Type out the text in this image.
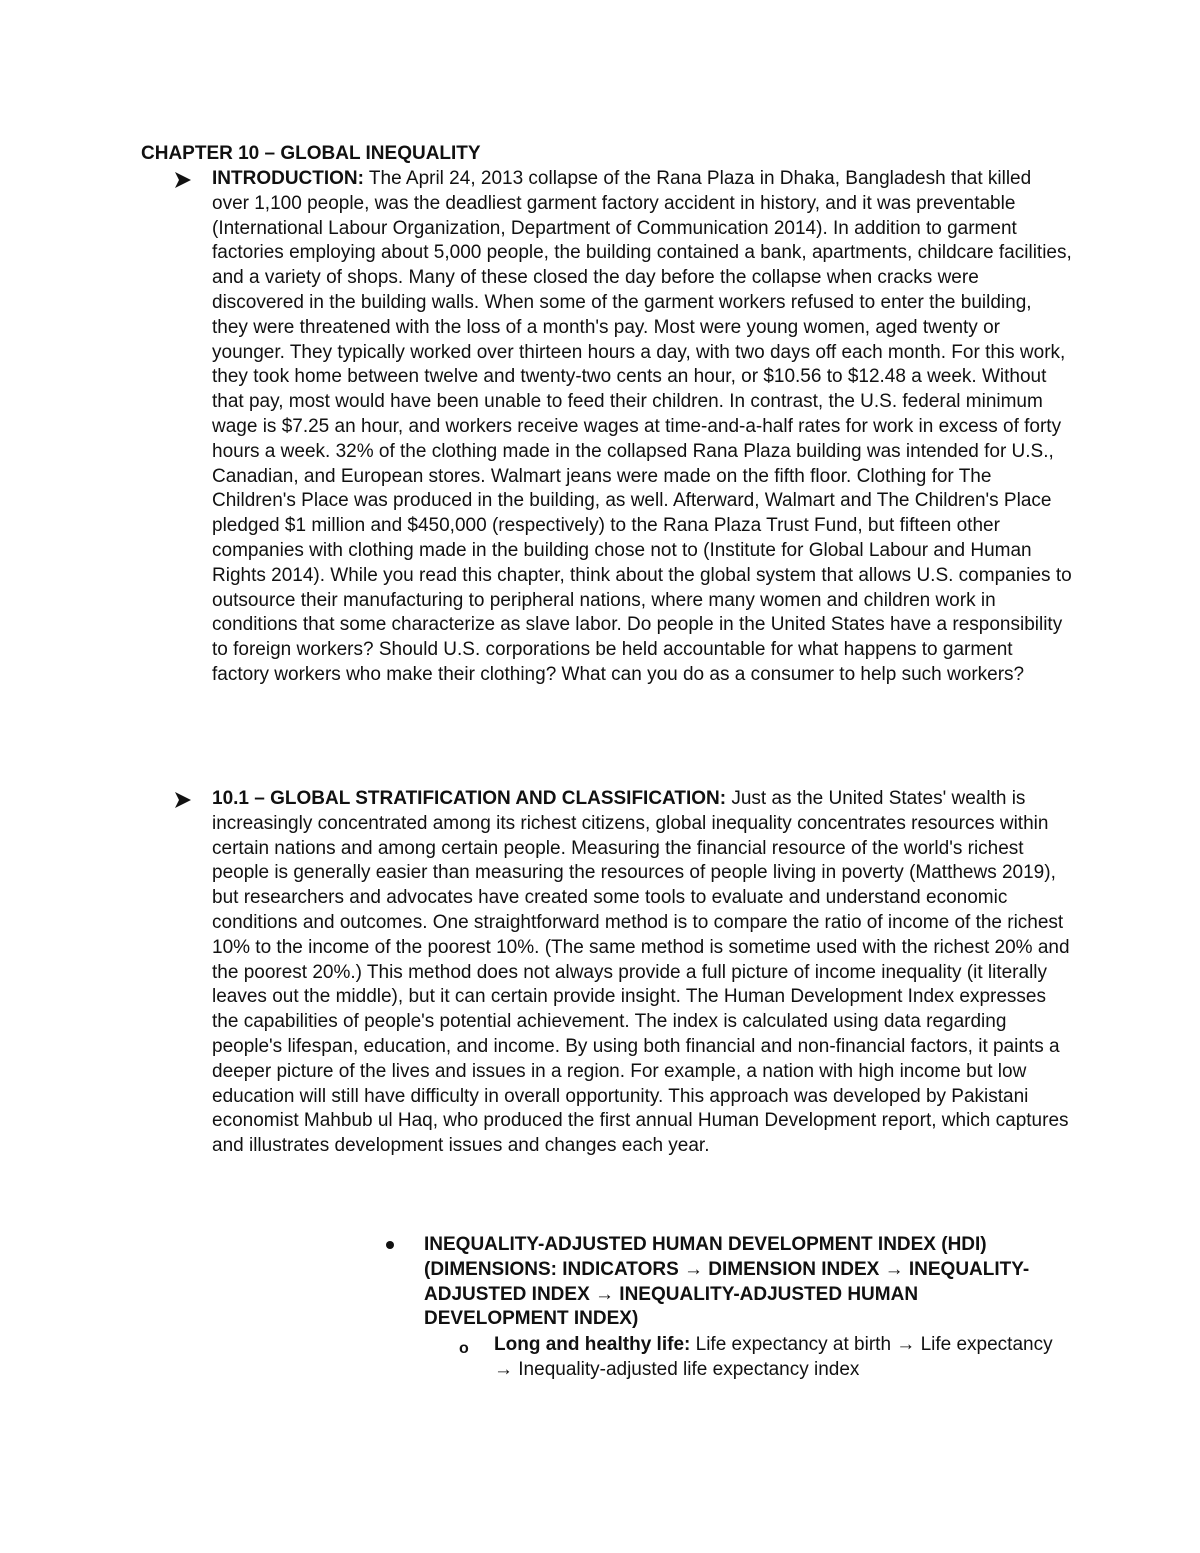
CHAPTER 10 – GLOBAL INEQUALITY
INTRODUCTION: The April 24, 2013 collapse of the Rana Plaza in Dhaka, Bangladesh that killed over 1,100 people, was the deadliest garment factory accident in history, and it was preventable (International Labour Organization, Department of Communication 2014). In addition to garment factories employing about 5,000 people, the building contained a bank, apartments, childcare facilities, and a variety of shops. Many of these closed the day before the collapse when cracks were discovered in the building walls. When some of the garment workers refused to enter the building, they were threatened with the loss of a month's pay. Most were young women, aged twenty or younger. They typically worked over thirteen hours a day, with two days off each month. For this work, they took home between twelve and twenty-two cents an hour, or $10.56 to $12.48 a week. Without that pay, most would have been unable to feed their children. In contrast, the U.S. federal minimum wage is $7.25 an hour, and workers receive wages at time-and-a-half rates for work in excess of forty hours a week. 32% of the clothing made in the collapsed Rana Plaza building was intended for U.S., Canadian, and European stores. Walmart jeans were made on the fifth floor. Clothing for The Children's Place was produced in the building, as well. Afterward, Walmart and The Children's Place pledged $1 million and $450,000 (respectively) to the Rana Plaza Trust Fund, but fifteen other companies with clothing made in the building chose not to (Institute for Global Labour and Human Rights 2014). While you read this chapter, think about the global system that allows U.S. companies to outsource their manufacturing to peripheral nations, where many women and children work in conditions that some characterize as slave labor. Do people in the United States have a responsibility to foreign workers? Should U.S. corporations be held accountable for what happens to garment factory workers who make their clothing? What can you do as a consumer to help such workers?
10.1 – GLOBAL STRATIFICATION AND CLASSIFICATION: Just as the United States' wealth is increasingly concentrated among its richest citizens, global inequality concentrates resources within certain nations and among certain people. Measuring the financial resource of the world's richest people is generally easier than measuring the resources of people living in poverty (Matthews 2019), but researchers and advocates have created some tools to evaluate and understand economic conditions and outcomes. One straightforward method is to compare the ratio of income of the richest 10% to the income of the poorest 10%. (The same method is sometime used with the richest 20% and the poorest 20%.) This method does not always provide a full picture of income inequality (it literally leaves out the middle), but it can certain provide insight. The Human Development Index expresses the capabilities of people's potential achievement. The index is calculated using data regarding people's lifespan, education, and income. By using both financial and non-financial factors, it paints a deeper picture of the lives and issues in a region. For example, a nation with high income but low education will still have difficulty in overall opportunity. This approach was developed by Pakistani economist Mahbub ul Haq, who produced the first annual Human Development report, which captures and illustrates development issues and changes each year.
INEQUALITY-ADJUSTED HUMAN DEVELOPMENT INDEX (HDI) (DIMENSIONS: INDICATORS → DIMENSION INDEX → INEQUALITY-ADJUSTED INDEX → INEQUALITY-ADJUSTED HUMAN DEVELOPMENT INDEX)
o Long and healthy life: Life expectancy at birth → Life expectancy → Inequality-adjusted life expectancy index
